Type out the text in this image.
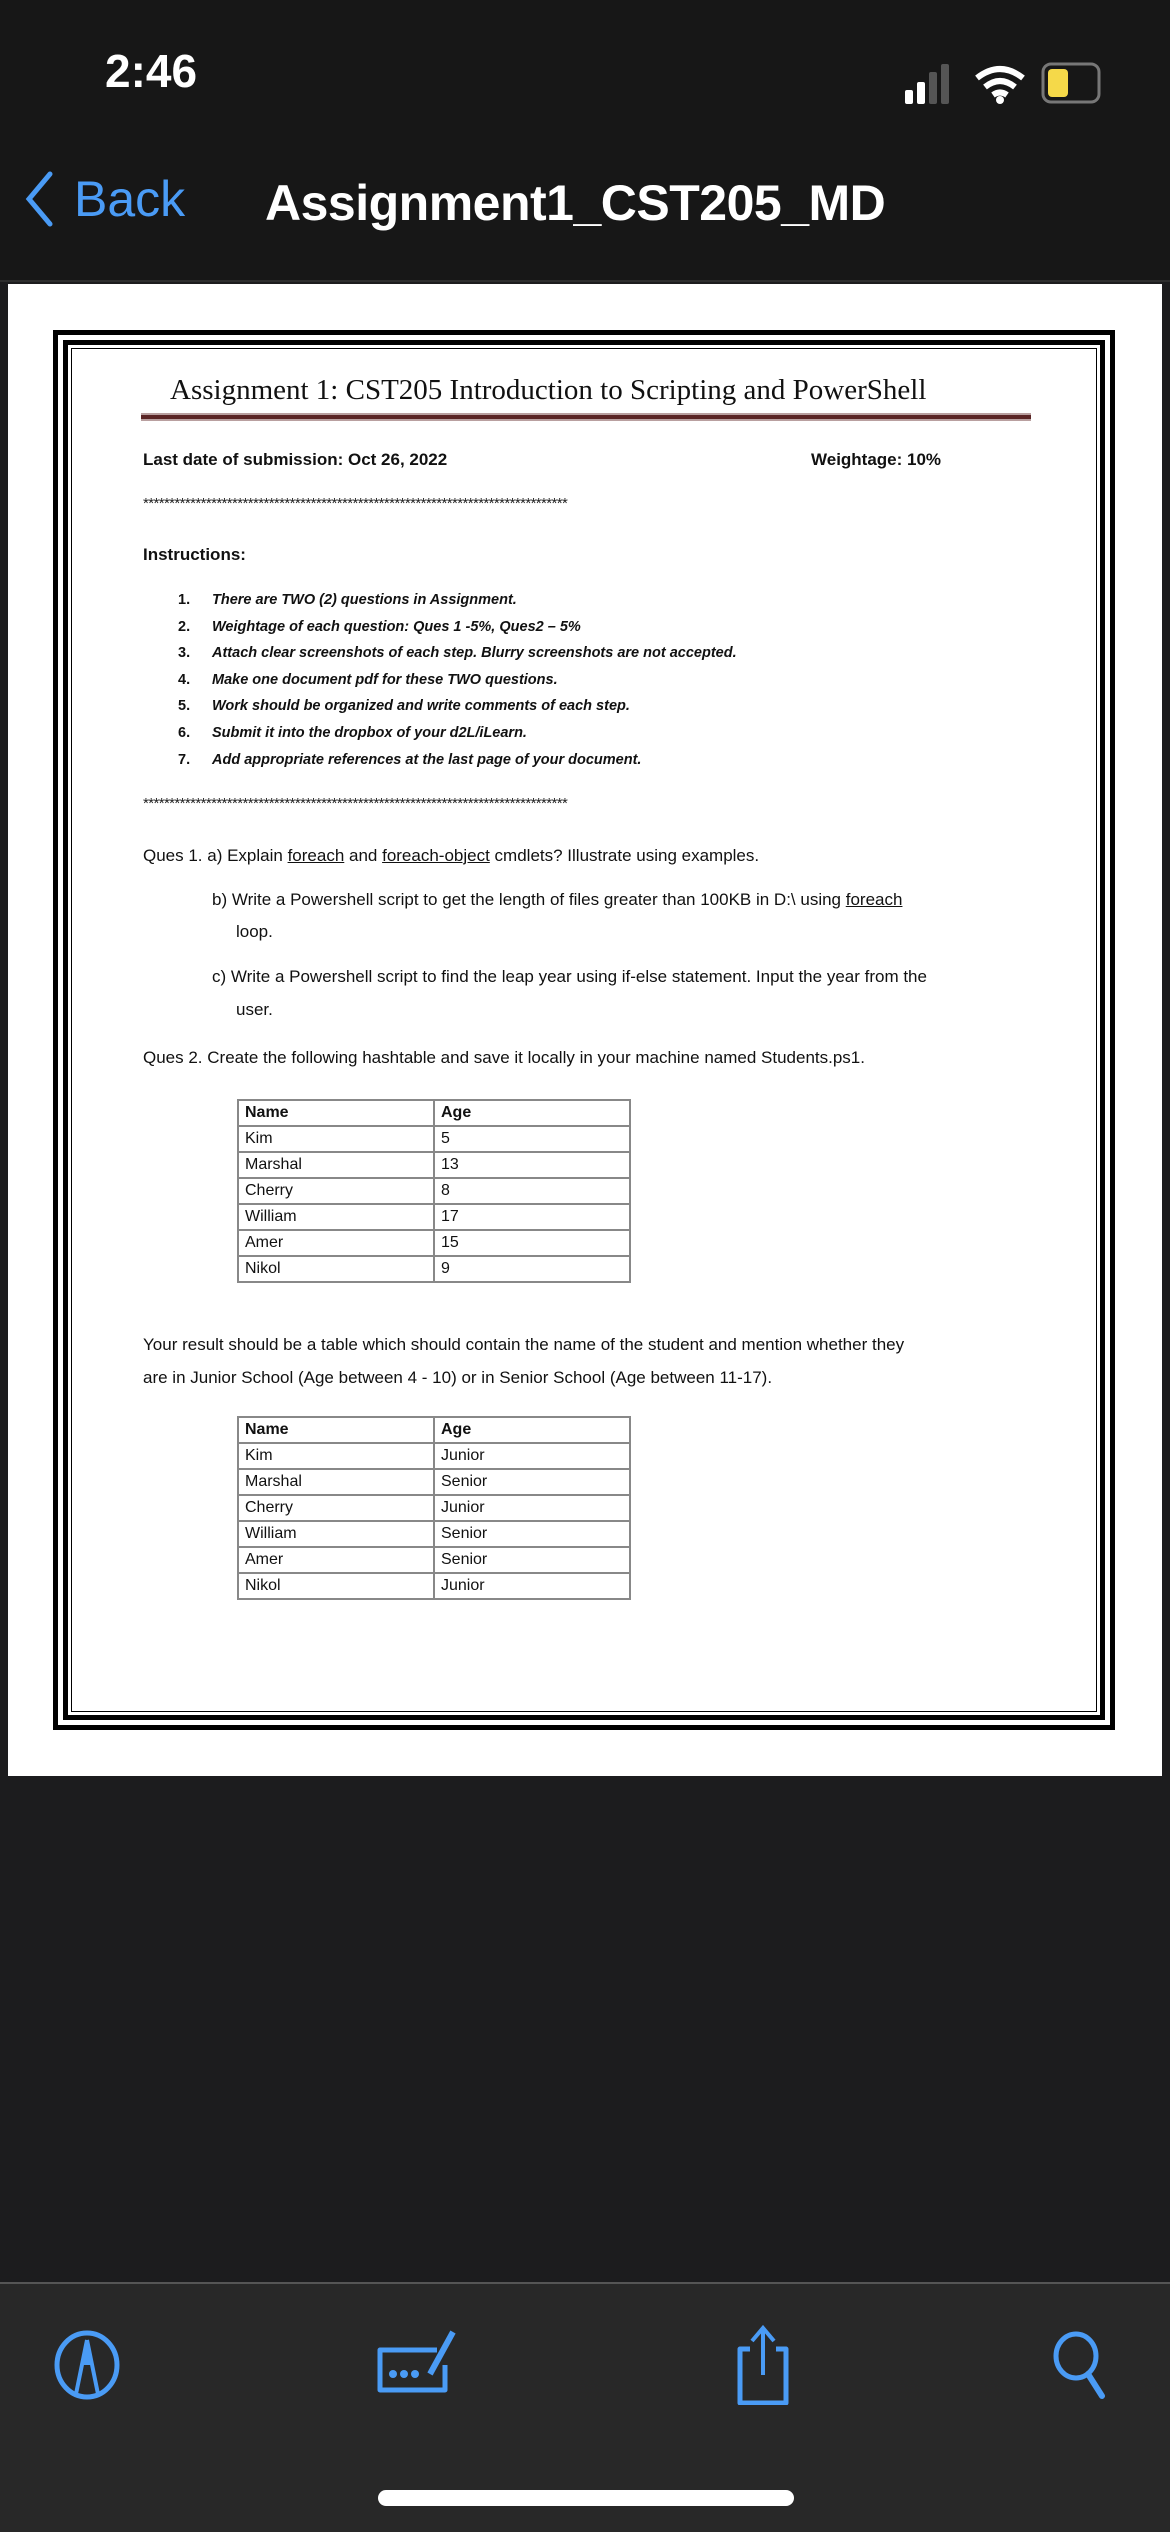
2:46
Back Assignment1_CST205_MD
Assignment 1: CST205 Introduction to Scripting and PowerShell
Last date of submission: Oct 26, 2022	Weightage: 10%
*********************************************************************************
Instructions:
1.	There are TWO (2) questions in Assignment.
2.	Weightage of each question: Ques 1 -5%, Ques2 – 5%
3.	Attach clear screenshots of each step. Blurry screenshots are not accepted.
4.	Make one document pdf for these TWO questions.
5.	Work should be organized and write comments of each step.
6.	Submit it into the dropbox of your d2L/iLearn.
7.	Add appropriate references at the last page of your document.
*********************************************************************************
Ques 1. a) Explain foreach and foreach-object cmdlets? Illustrate using examples.
b) Write a Powershell script to get the length of files greater than 100KB in D:\ using foreach
loop.
c) Write a Powershell script to find the leap year using if-else statement. Input the year from the
user.
Ques 2. Create the following hashtable and save it locally in your machine named Students.ps1.
Name	Age
Kim	5
Marshal	13
Cherry	8
William	17
Amer	15
Nikol	9
Your result should be a table which should contain the name of the student and mention whether they
are in Junior School (Age between 4 - 10) or in Senior School (Age between 11-17).
Name	Age
Kim	Junior
Marshal	Senior
Cherry	Junior
William	Senior
Amer	Senior
Nikol	Junior
